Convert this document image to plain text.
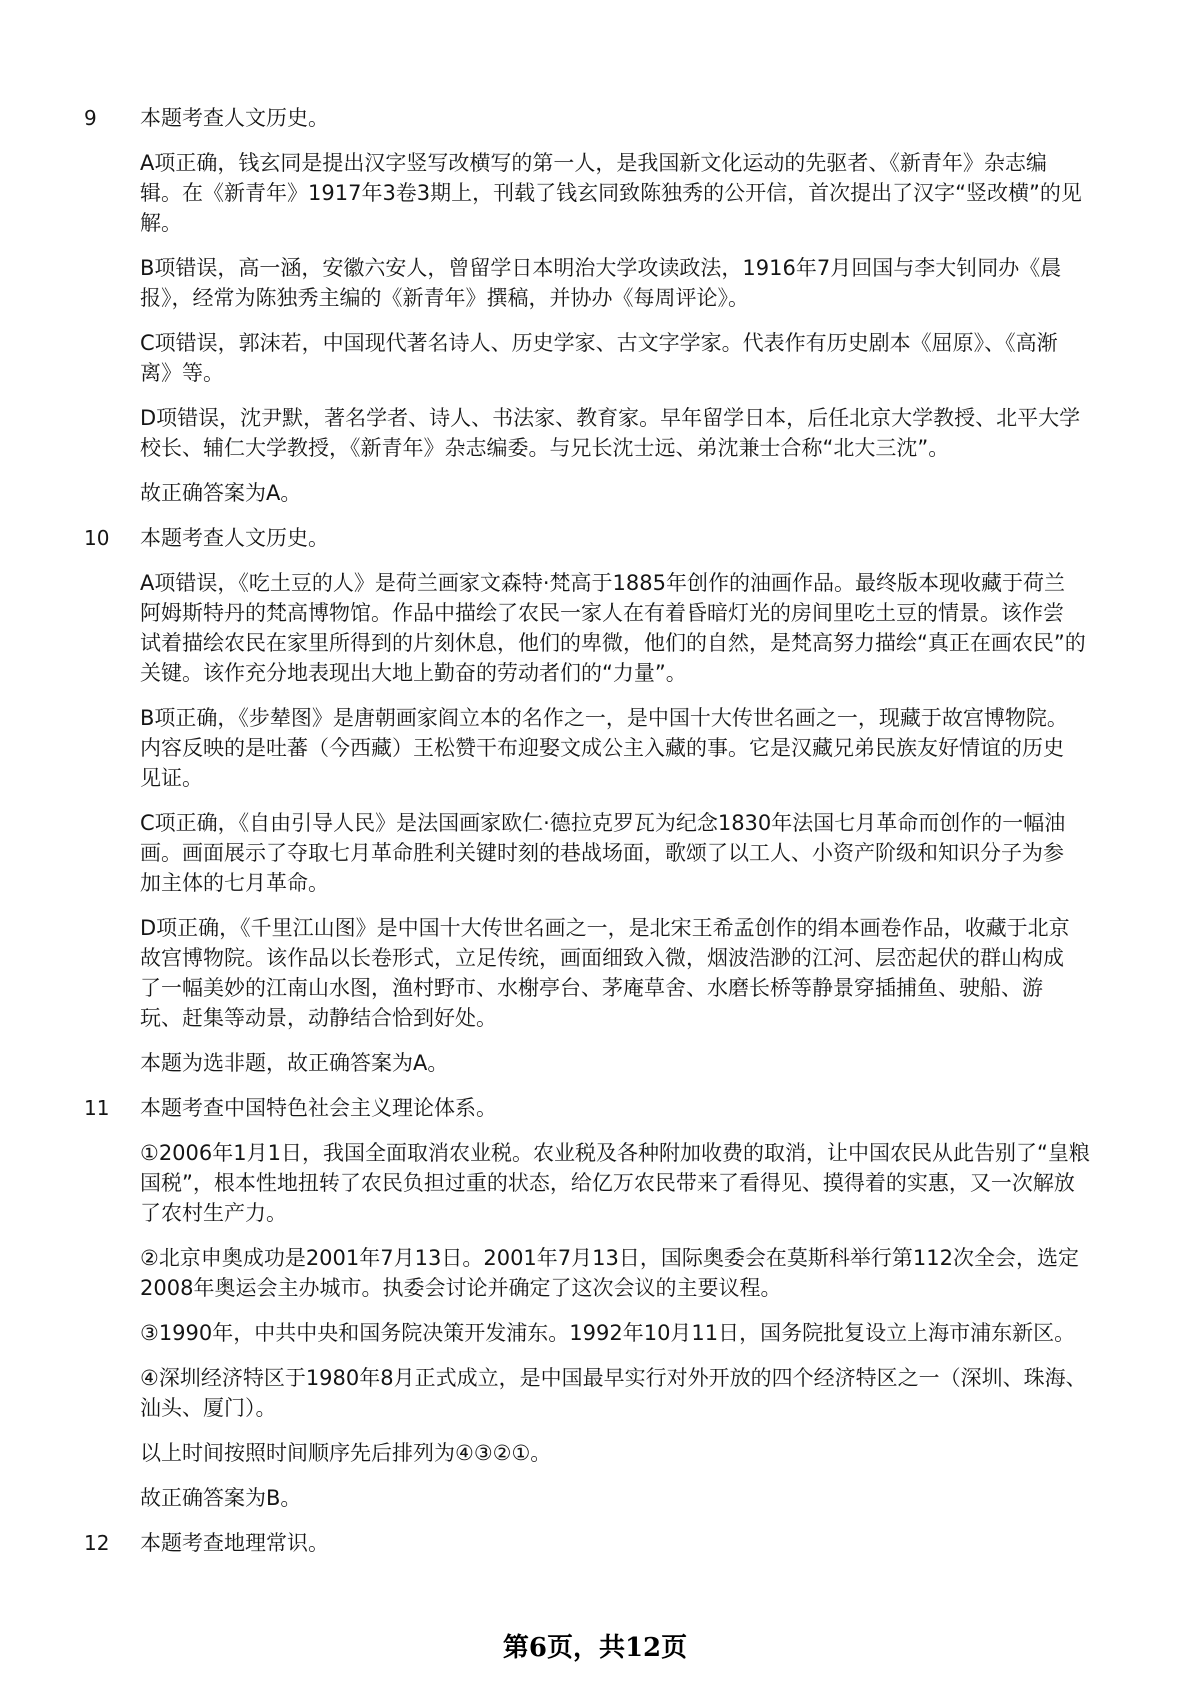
9 本题考查人文历史。
A项正确，钱玄同是提出汉字竖写改横写的第一人，是我国新文化运动的先驱者、《新青年》杂志编
辑。在《新青年》1917年3卷3期上，刊载了钱玄同致陈独秀的公开信，首次提出了汉字“竖改横”的见
解。
B项错误，高一涵，安徽六安人，曾留学日本明治大学攻读政法，1916年7月回国与李大钊同办《晨
报》，经常为陈独秀主编的《新青年》撰稿，并协办《每周评论》。
C项错误，郭沫若，中国现代著名诗人、历史学家、古文字学家。代表作有历史剧本《屈原》、《高渐
离》等。
D项错误，沈尹默，著名学者、诗人、书法家、教育家。早年留学日本，后任北京大学教授、北平大学
校长、辅仁大学教授，《新青年》杂志编委。与兄长沈士远、弟沈兼士合称“北大三沈”。
故正确答案为A。
10 本题考查人文历史。
A项错误，《吃土豆的人》是荷兰画家文森特·梵高于1885年创作的油画作品。最终版本现收藏于荷兰
阿姆斯特丹的梵高博物馆。作品中描绘了农民一家人在有着昏暗灯光的房间里吃土豆的情景。该作尝
试着描绘农民在家里所得到的片刻休息，他们的卑微，他们的自然，是梵高努力描绘“真正在画农民”的
关键。该作充分地表现出大地上勤奋的劳动者们的“力量”。
B项正确，《步辇图》是唐朝画家阎立本的名作之一，是中国十大传世名画之一，现藏于故宫博物院。
内容反映的是吐蕃（今西藏）王松赞干布迎娶文成公主入藏的事。它是汉藏兄弟民族友好情谊的历史
见证。
C项正确，《自由引导人民》是法国画家欧仁·德拉克罗瓦为纪念1830年法国七月革命而创作的一幅油
画。画面展示了夺取七月革命胜利关键时刻的巷战场面，歌颂了以工人、小资产阶级和知识分子为参
加主体的七月革命。
D项正确，《千里江山图》是中国十大传世名画之一，是北宋王希孟创作的绢本画卷作品，收藏于北京
故宫博物院。该作品以长卷形式，立足传统，画面细致入微，烟波浩渺的江河、层峦起伏的群山构成
了一幅美妙的江南山水图，渔村野市、水榭亭台、茅庵草舍、水磨长桥等静景穿插捕鱼、驶船、游
玩、赶集等动景，动静结合恰到好处。
本题为选非题，故正确答案为A。
11 本题考查中国特色社会主义理论体系。
①2006年1月1日，我国全面取消农业税。农业税及各种附加收费的取消，让中国农民从此告别了“皇粮
国税”，根本性地扭转了农民负担过重的状态，给亿万农民带来了看得见、摸得着的实惠，又一次解放
了农村生产力。
②北京申奥成功是2001年7月13日。2001年7月13日，国际奥委会在莫斯科举行第112次全会，选定
2008年奥运会主办城市。执委会讨论并确定了这次会议的主要议程。
③1990年，中共中央和国务院决策开发浦东。1992年10月11日，国务院批复设立上海市浦东新区。
④深圳经济特区于1980年8月正式成立，是中国最早实行对外开放的四个经济特区之一（深圳、珠海、
汕头、厦门）。
以上时间按照时间顺序先后排列为④③②①。
故正确答案为B。
12 本题考查地理常识。
第6页，共12页
